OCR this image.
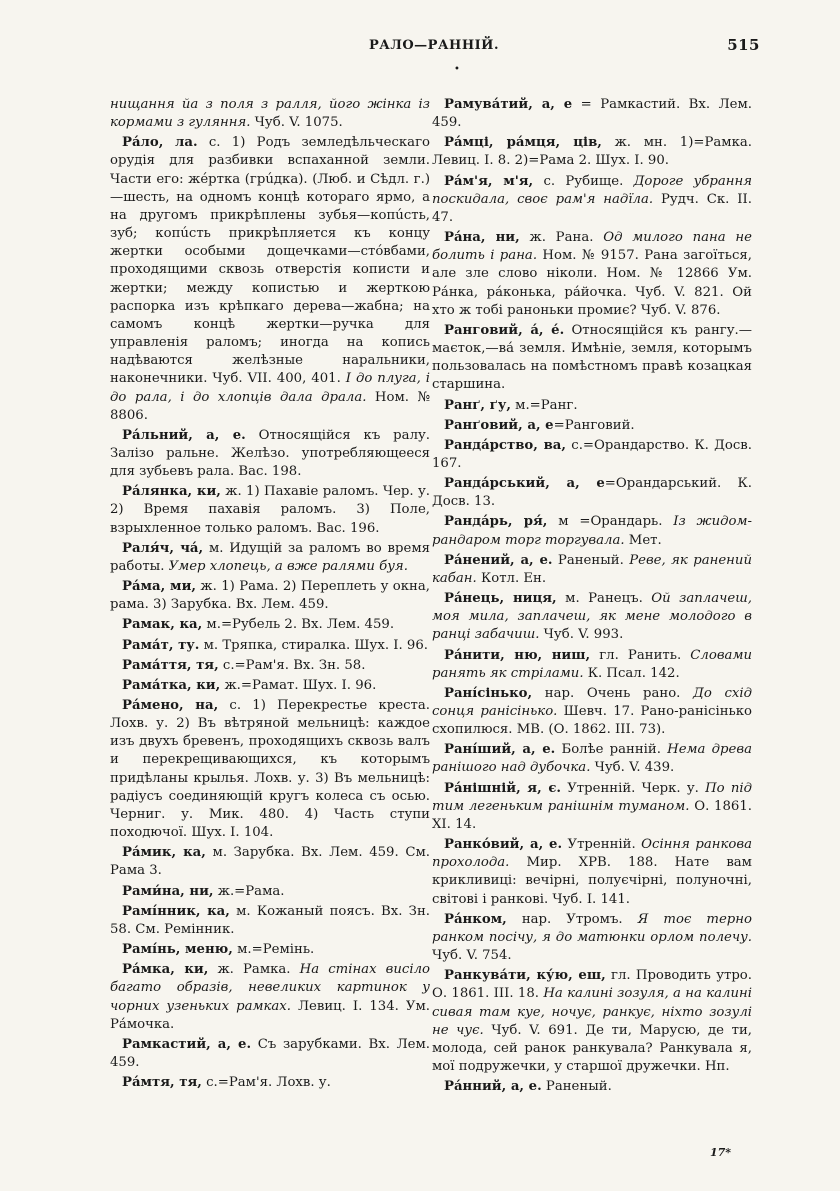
РАЛО—РАННІЙ.	515
•

нищання йа з поля з ралля, його жінка із кормами з гуляння. Чуб. V. 1075.

Ра́ло, ла. с. 1) Родъ земледѣльческаго орудія для разбивки вспаханной земли. Части его: жéртка (грúдка). (Люб. и Сѣдл. г.)—шесть, на одномъ концѣ котораго ярмо, а на другомъ прикрѣплены зубья—копúсть, зуб; копúсть прикрѣпляется къ концу жертки особыми дощечками—стóвбами, проходящими сквозь отверстія кописти и жертки; между копистью и жерткою распорка изъ крѣпкаго дерева—жабна; на самомъ концѣ жертки—ручка для управленія раломъ; иногда на копись надѣваются желѣзные наральники, наконечники. Чуб. VII. 400, 401. І до плуга, і до рала, і до хлопців дала драла. Ном. № 8806.

Ра́льний, а, е. Относящійся къ ралу. Залізо ральне. Желѣзо. употребляющееся для зубьевъ рала. Вас. 198.

Ра́лянка, ки, ж. 1) Пахавіе раломъ. Чер. у. 2) Время пахавія раломъ. 3) Поле, взрыхленное только раломъ. Вас. 196.

Раля́ч, ча́, м. Идущій за раломъ во время работы. Умер хлопець, а вже ралями буя.

Ра́ма, ми, ж. 1) Рама. 2) Переплеть у окна, рама. 3) Зарубка. Вх. Лем. 459.

Рамак, ка, м.=Рубель 2. Вх. Лем. 459.

Рама́т, ту. м. Тряпка, стиралка. Шух. І. 96.

Рама́ття, тя, с.=Рам'я. Вх. Зн. 58.

Рама́тка, ки, ж.=Рамат. Шух. І. 96.

Ра́мено, на, с. 1) Перекрестье креста. Лохв. у. 2) Въ вѣтряной мельницѣ: каждое изъ двухъ бревенъ, проходящихъ сквозь валъ и перекрещивающихся, къ которымъ придѣланы крылья. Лохв. у. 3) Въ мельницѣ: радіусъ соединяющій кругъ колеса съ осью. Черниг. у. Мик. 480. 4) Часть ступи походючої. Шух. І. 104.

Ра́мик, ка, м. Зарубка. Вх. Лем. 459. См. Рама 3.

Рами́на, ни, ж.=Рама.

Рамі́нник, ка, м. Кожаный поясъ. Вх. Зн. 58. См. Ремінник.

Рамі́нь, меню, м.=Ремінь.

Ра́мка, ки, ж. Рамка. На стінах висіло багато образів, невеликих картинок у чорних узеньких рамках. Левиц. І. 134. Ум. Ра́мочка.

Рамкастий, а, е. Съ зарубками. Вх. Лем. 459.

Ра́мтя, тя, с.=Рам'я. Лохв. у.

Рамува́тий, а, е = Рамкастий. Вх. Лем. 459.

Ра́мці, ра́мця, ців, ж. мн. 1)=Рамка. Левиц. І. 8. 2)=Рама 2. Шух. І. 90.

Ра́м'я, м'я, с. Рубище. Дороге убрання поскидала, своє рам'я надїла. Рудч. Ск. II. 47.

Ра́на, ни, ж. Рана. Од милого пана не болить і рана. Ном. № 9157. Рана загоїться, але зле слово ніколи. Ном. № 12866 Ум. Ра́нка, ра́конька, ра́йочка. Чуб. V. 821. Ой хто ж тобі раноньки промиє? Чуб. V. 876.

Ранговий, а́, е́. Относящійся къ рангу.— маєток,—ва́ земля. Имѣніе, земля, которымъ пользовалась на помѣстномъ правѣ козацкая старшина.

Ранґ, ґу, м.=Ранг.

Ранґовий, а, е=Ранговий.

Ранда́рство, ва, с.=Орандарство. К. Досв. 167.

Ранда́рський, а, е=Орандарський. К. Досв. 13.

Ранда́рь, ря́, м =Орандарь. Із жидом-рандаром торг торгувала. Мет.

Ра́нений, а, е. Раненый. Реве, як ранений кабан. Котл. Ен.

Ра́нець, ниця, м. Ранецъ. Ой заплачеш, моя мила, заплачеш, як мене молодого в ранці забачиш. Чуб. V. 993.

Ра́нити, ню, ниш, гл. Ранить. Словами ранять як стрілами. К. Псал. 142.

Рані́сінько, нар. Очень рано. До схід сонця ранісінько. Шевч. 17. Рано-ранісінько схопилюся. МВ. (О. 1862. III. 73).

Рані́ший, а, е. Болѣе ранній. Нема древа ранішого над дубочка. Чуб. V. 439.

Ра́нішній, я, є. Утренній. Черк. у. По під тим легеньким ранішнім туманом. О. 1861. XI. 14.

Ранко́вий, а, е. Утренній. Осіння ранкова прохолода. Мир. ХРВ. 188. Нате вам крикливиці: вечірні, полуєчірні, полуночні, світові і ранкові. Чуб. І. 141.

Ра́нком, нар. Утромъ. Я тоє терно ранком посічу, я до матюнки орлом полечу. Чуб. V. 754.

Ранкува́ти, ку́ю, еш, гл. Проводить утро. О. 1861. III. 18. На калині зозуля, а на калині сивая там куе, ночує, ранкує, ніхто зозулі не чує. Чуб. V. 691. Де ти, Марусю, де ти, молода, сей ранок ранкувала? Ранкувала я, мої подружечки, у старшої дружечки. Нп.

Ра́нний, а, е. Раненый.

17*
